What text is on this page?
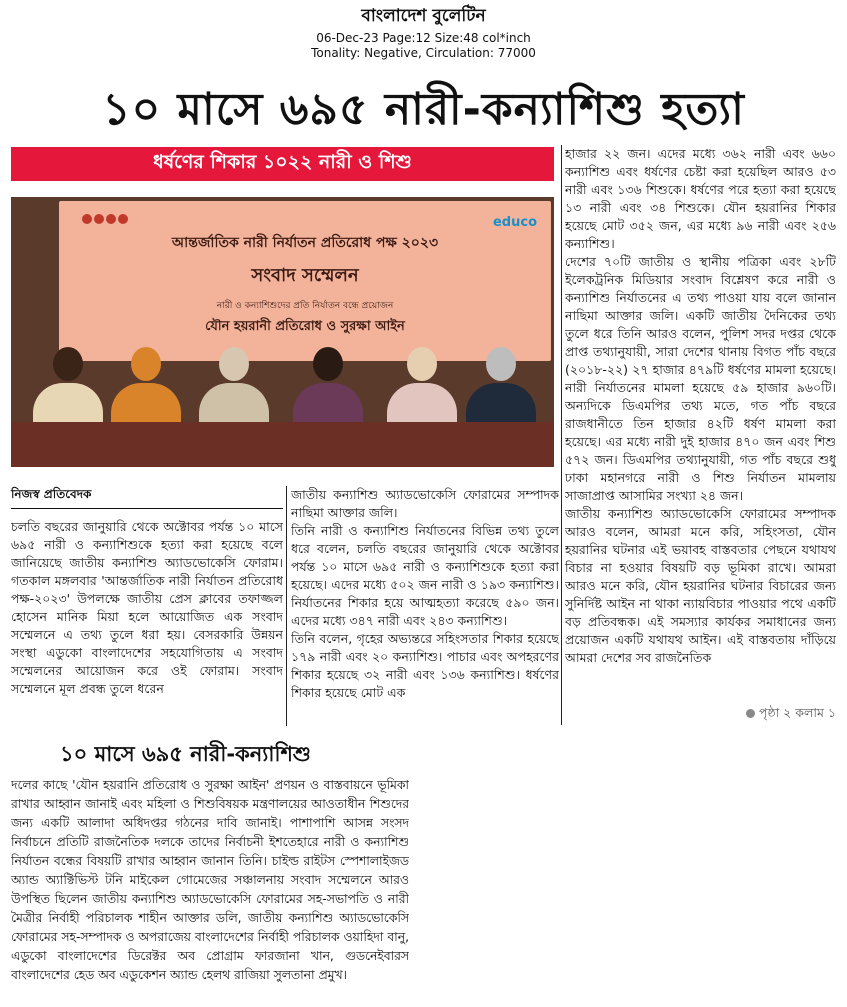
বাংলাদেশ বুলেটিন
06-Dec-23 Page:12 Size:48 col*inch
Tonality: Negative, Circulation: 77000
১০ মাসে ৬৯৫ নারী-কন্যাশিশু হত্যা
ধর্ষণের শিকার ১০২২ নারী ও শিশু
educo
আন্তর্জাতিক নারী নির্যাতন প্রতিরোধ পক্ষ ২০২৩
সংবাদ সম্মেলন
নারী ও কন্যাশিশুদের প্রতি নির্যাতন বন্ধে প্রয়োজন
যৌন হয়রানী প্রতিরোধ ও সুরক্ষা আইন
নিজস্ব প্রতিবেদক

চলতি বছরের জানুয়ারি থেকে অক্টোবর পর্যন্ত ১০ মাসে ৬৯৫ নারী ও কন্যাশিশুকে হত্যা করা হয়েছে বলে জানিয়েছে জাতীয় কন্যাশিশু অ্যাডভোকেসি ফোরাম। গতকাল মঙ্গলবার 'আন্তর্জাতিক নারী নির্যাতন প্রতিরোধ পক্ষ-২০২৩' উপলক্ষে জাতীয় প্রেস ক্লাবের তফাজ্জল হোসেন মানিক মিয়া হলে আয়োজিত এক সংবাদ সম্মেলনে এ তথ্য তুলে ধরা হয়। বেসরকারি উন্নয়ন সংস্থা এডুকো বাংলাদেশের সহযোগিতায় এ সংবাদ সম্মেলনের আয়োজন করে ওই ফোরাম। সংবাদ সম্মেলনে মূল প্রবন্ধ তুলে ধরেন

জাতীয় কন্যাশিশু অ্যাডভোকেসি ফোরামের সম্পাদক নাছিমা আক্তার জলি।

তিনি নারী ও কন্যাশিশু নির্যাতনের বিভিন্ন তথ্য তুলে ধরে বলেন, চলতি বছরের জানুয়ারি থেকে অক্টোবর পর্যন্ত ১০ মাসে ৬৯৫ নারী ও কন্যাশিশুকে হত্যা করা হয়েছে। এদের মধ্যে ৫০২ জন নারী ও ১৯৩ কন্যাশিশু। নির্যাতনের শিকার হয়ে আত্মহত্যা করেছে ৫৯০ জন। এদের মধ্যে ৩৪৭ নারী এবং ২৪৩ কন্যাশিশু।

তিনি বলেন, গৃহের অভ্যন্তরে সহিংসতার শিকার হয়েছে ১৭৯ নারী এবং ২০ কন্যাশিশু। পাচার এবং অপহরণের শিকার হয়েছে ৩২ নারী এবং ১৩৬ কন্যাশিশু। ধর্ষণের শিকার হয়েছে মোট এক

হাজার ২২ জন। এদের মধ্যে ৩৬২ নারী এবং ৬৬০ কন্যাশিশু এবং ধর্ষণের চেষ্টা করা হয়েছিল আরও ৫৩ নারী এবং ১৩৬ শিশুকে। ধর্ষণের পরে হত্যা করা হয়েছে ১৩ নারী এবং ৩৪ শিশুকে। যৌন হয়রানির শিকার হয়েছে মোট ৩৫২ জন, এর মধ্যে ৯৬ নারী এবং ২৫৬ কন্যাশিশু।

দেশের ৭০টি জাতীয় ও স্থানীয় পত্রিকা এবং ২৮টি ইলেকট্রনিক মিডিয়ার সংবাদ বিশ্লেষণ করে নারী ও কন্যাশিশু নির্যাতনের এ তথ্য পাওয়া যায় বলে জানান নাছিমা আক্তার জলি। একটি জাতীয় দৈনিকের তথ্য তুলে ধরে তিনি আরও বলেন, পুলিশ সদর দপ্তর থেকে প্রাপ্ত তথ্যানুযায়ী, সারা দেশের থানায় বিগত পাঁচ বছরে (২০১৮-২২) ২৭ হাজার ৪৭৯টি ধর্ষণের মামলা হয়েছে। নারী নির্যাতনের মামলা হয়েছে ৫৯ হাজার ৯৬০টি। অন্যদিকে ডিএমপির তথ্য মতে, গত পাঁচ বছরে রাজধানীতে তিন হাজার ৪২টি ধর্ষণ মামলা করা হয়েছে। এর মধ্যে নারী দুই হাজার ৪৭০ জন এবং শিশু ৫৭২ জন। ডিএমপির তথ্যানুযায়ী, গত পাঁচ বছরে শুধু ঢাকা মহানগরে নারী ও শিশু নির্যাতন মামলায় সাজাপ্রাপ্ত আসামির সংখ্যা ২৪ জন।

জাতীয় কন্যাশিশু অ্যাডভোকেসি ফোরামের সম্পাদক আরও বলেন, আমরা মনে করি, সহিংসতা, যৌন হয়রানির ঘটনার এই ভয়াবহ বাস্তবতার পেছনে যথাযথ বিচার না হওয়ার বিষয়টি বড় ভূমিকা রাখে। আমরা আরও মনে করি, যৌন হয়রানির ঘটনার বিচারের জন্য সুনির্দিষ্ট আইন না থাকা ন্যায়বিচার পাওয়ার পথে একটি বড় প্রতিবন্ধক। এই সমস্যার কার্যকর সমাধানের জন্য প্রয়োজন একটি যথাযথ আইন। এই বাস্তবতায় দাঁড়িয়ে আমরা দেশের সব রাজনৈতিক

পৃষ্ঠা ২ কলাম ১
১০ মাসে ৬৯৫ নারী-কন্যাশিশু

দলের কাছে 'যৌন হয়রানি প্রতিরোধ ও সুরক্ষা আইন' প্রণয়ন ও বাস্তবায়নে ভূমিকা রাখার আহ্বান জানাই এবং মহিলা ও শিশুবিষয়ক মন্ত্রণালয়ের আওতাধীন শিশুদের জন্য একটি আলাদা অধিদপ্তর গঠনের দাবি জানাই। পাশাপাশি আসন্ন সংসদ নির্বাচনে প্রতিটি রাজনৈতিক দলকে তাদের নির্বাচনী ইশতেহারে নারী ও কন্যাশিশু নির্যাতন বন্ধের বিষয়টি রাখার আহ্বান জানান তিনি। চাইল্ড রাইটস স্পেশালাইজড অ্যান্ড অ্যাক্টিভিস্ট টনি মাইকেল গোমেজের সঞ্চালনায় সংবাদ সম্মেলনে আরও উপস্থিত ছিলেন জাতীয় কন্যাশিশু অ্যাডভোকেসি ফোরামের সহ-সভাপতি ও নারী মৈত্রীর নির্বাহী পরিচালক শাহীন আক্তার ডলি, জাতীয় কন্যাশিশু অ্যাডভোকেসি ফোরামের সহ-সম্পাদক ও অপরাজেয় বাংলাদেশের নির্বাহী পরিচালক ওয়াহিদা বানু, এডুকো বাংলাদেশের ডিরেক্টর অব প্রোগ্রাম ফারজানা খান, গুডনেইবারস বাংলাদেশের হেড অব এডুকেশন অ্যান্ড হেলথ রাজিয়া সুলতানা প্রমুখ।
